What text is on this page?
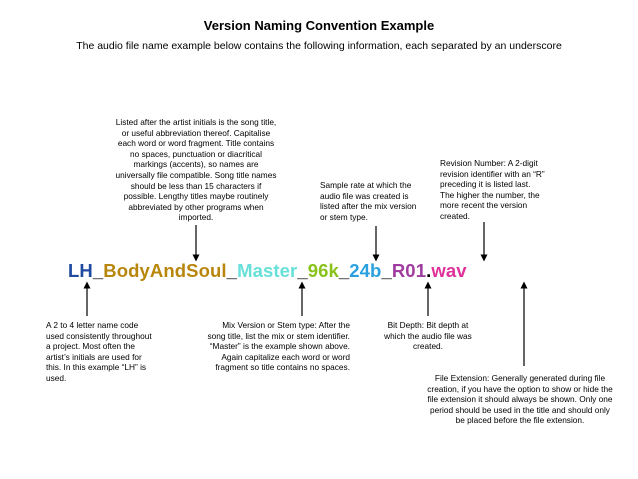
Version Naming Convention Example
The audio file name example below contains the following information, each separated by an underscore
Listed after the artist initials is the song title, or useful abbreviation thereof. Capitalise each word or word fragment. Title contains no spaces, punctuation or diacritical markings (accents), so names are universally file compatible. Song title names should be less than 15 characters if possible. Lengthy titles maybe routinely abbreviated by other programs when imported.
Sample rate at which the audio file was created is listed after the mix version or stem type.
Revision Number: A 2-digit revision identifier with an “R” preceding it is listed last. The higher the number, the more recent the version created.
LH_BodyAndSoul_Master_96k_24b_R01.wav
A 2 to 4 letter name code used consistently throughout a project. Most often the artist’s initials are used for this. In this example “LH” is used.
Mix Version or Stem type: After the song title, list the mix or stem identifier. “Master” is the example shown above. Again capitalize each word or word fragment so title contains no spaces.
Bit Depth: Bit depth at which the audio file was created.
File Extension: Generally generated during file creation, if you have the option to show or hide the file extension it should always be shown. Only one period should be used in the title and should only be placed before the file extension.
